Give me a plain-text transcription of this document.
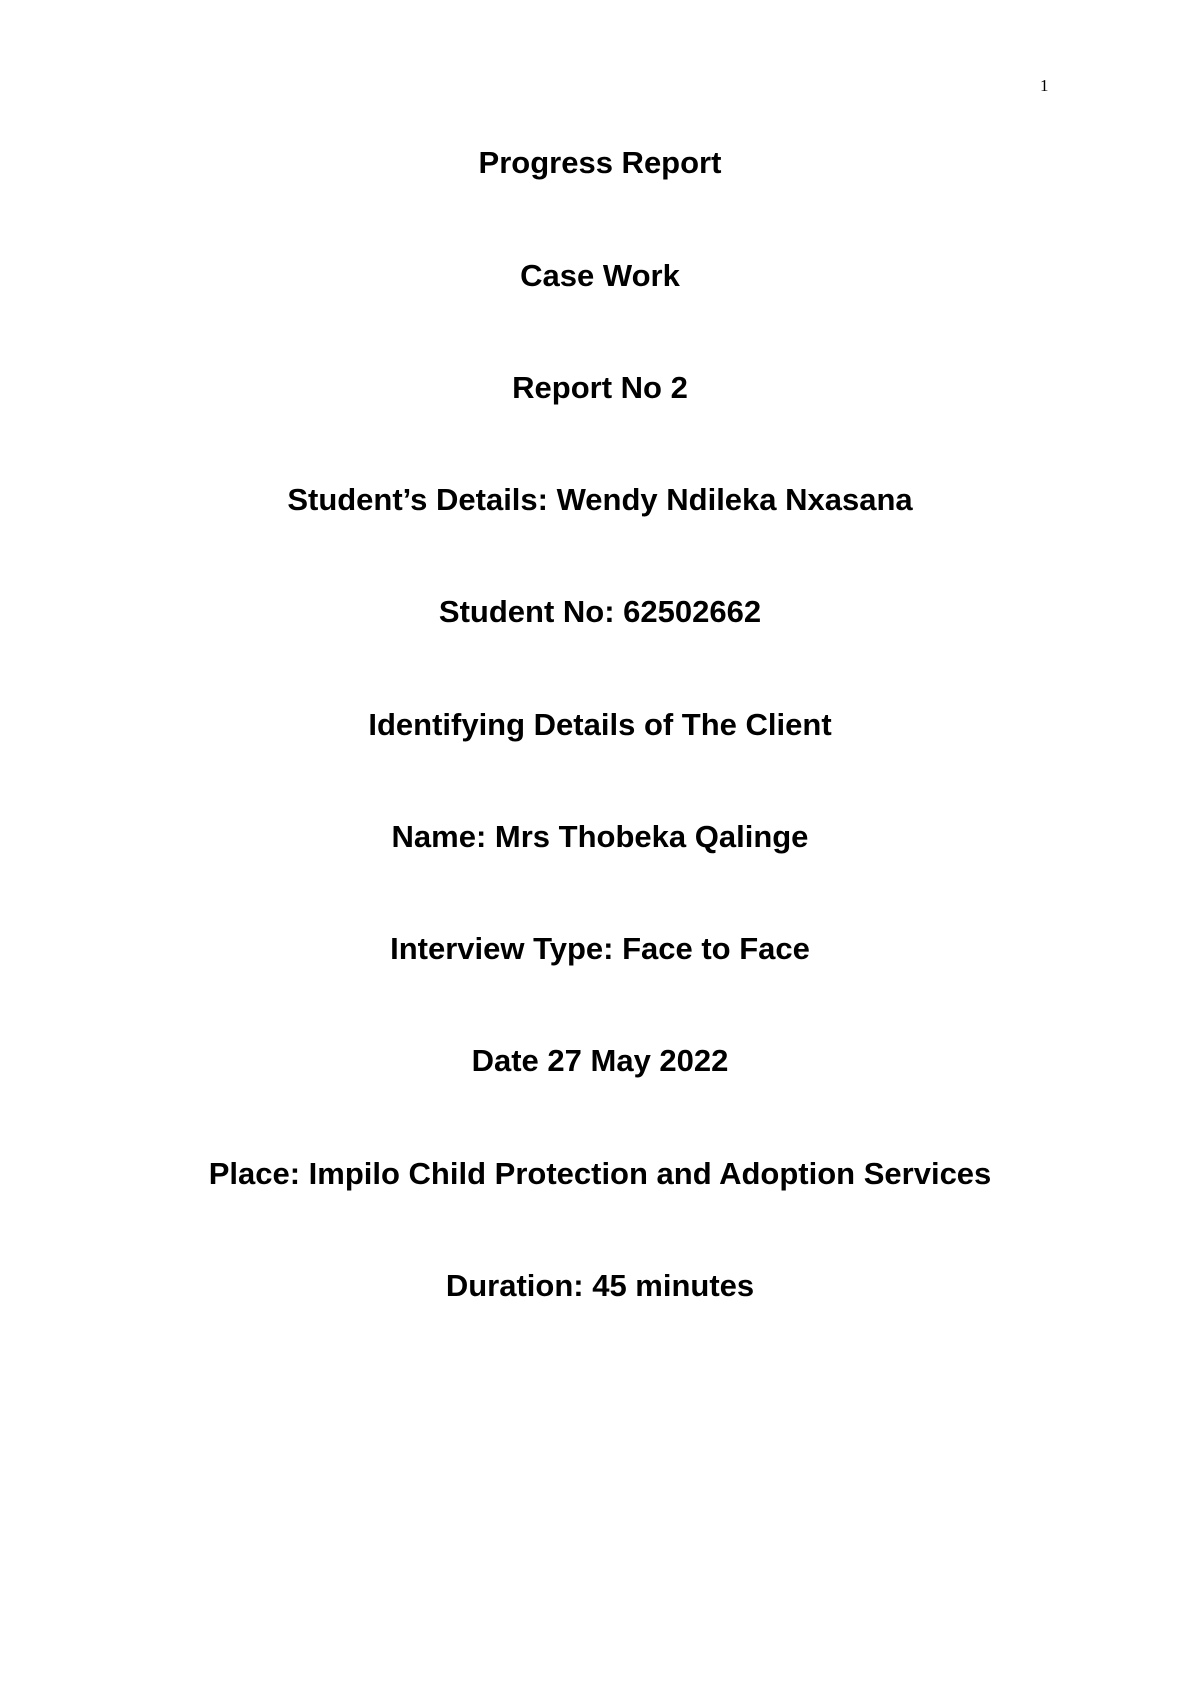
1
Progress Report
Case Work
Report No 2
Student’s Details: Wendy Ndileka Nxasana
Student No: 62502662
Identifying Details of The Client
Name: Mrs Thobeka Qalinge
Interview Type: Face to Face
Date 27 May 2022
Place: Impilo Child Protection and Adoption Services
Duration: 45 minutes
